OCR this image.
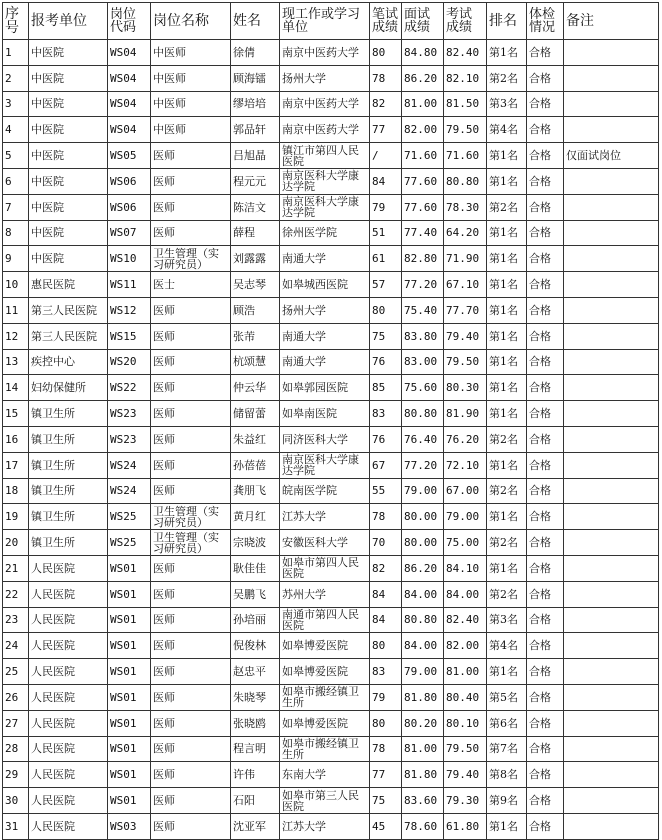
序号	报考单位	岗位代码	岗位名称	姓名	现工作或学习单位	笔试成绩	面试成绩	考试成绩	排名	体检情况	备注
1	中医院	WS04	中医师	徐倩	南京中医药大学	80	84.80	82.40	第1名	合格	
2	中医院	WS04	中医师	顾海镭	扬州大学	78	86.20	82.10	第2名	合格	
3	中医院	WS04	中医师	缪培培	南京中医药大学	82	81.00	81.50	第3名	合格	
4	中医院	WS04	中医师	郭品轩	南京中医药大学	77	82.00	79.50	第4名	合格	
5	中医院	WS05	医师	吕旭晶	镇江市第四人民医院	/	71.60	71.60	第1名	合格	仅面试岗位
6	中医院	WS06	医师	程元元	南京医科大学康达学院	84	77.60	80.80	第1名	合格	
7	中医院	WS06	医师	陈洁文	南京医科大学康达学院	79	77.60	78.30	第2名	合格	
8	中医院	WS07	医师	薛程	徐州医学院	51	77.40	64.20	第1名	合格	
9	中医院	WS10	卫生管理（实习研究员）	刘露露	南通大学	61	82.80	71.90	第1名	合格	
10	惠民医院	WS11	医士	吴志琴	如皋城西医院	57	77.20	67.10	第1名	合格	
11	第三人民医院	WS12	医师	顾浩	扬州大学	80	75.40	77.70	第1名	合格	
12	第三人民医院	WS15	医师	张芾	南通大学	75	83.80	79.40	第1名	合格	
13	疾控中心	WS20	医师	杭颂慧	南通大学	76	83.00	79.50	第1名	合格	
14	妇幼保健所	WS22	医师	仲云华	如皋郭园医院	85	75.60	80.30	第1名	合格	
15	镇卫生所	WS23	医师	储留蕾	如皋南医院	83	80.80	81.90	第1名	合格	
16	镇卫生所	WS23	医师	朱益红	同济医科大学	76	76.40	76.20	第2名	合格	
17	镇卫生所	WS24	医师	孙蓓蓓	南京医科大学康达学院	67	77.20	72.10	第1名	合格	
18	镇卫生所	WS24	医师	龚朋飞	皖南医学院	55	79.00	67.00	第2名	合格	
19	镇卫生所	WS25	卫生管理（实习研究员）	黄月红	江苏大学	78	80.00	79.00	第1名	合格	
20	镇卫生所	WS25	卫生管理（实习研究员）	宗晓波	安徽医科大学	70	80.00	75.00	第2名	合格	
21	人民医院	WS01	医师	耿佳佳	如皋市第四人民医院	82	86.20	84.10	第1名	合格	
22	人民医院	WS01	医师	吴鹏飞	苏州大学	84	84.00	84.00	第2名	合格	
23	人民医院	WS01	医师	孙培丽	南通市第四人民医院	84	80.80	82.40	第3名	合格	
24	人民医院	WS01	医师	倪俊林	如皋博爱医院	80	84.00	82.00	第4名	合格	
25	人民医院	WS01	医师	赵忠平	如皋博爱医院	83	79.00	81.00	第1名	合格	
26	人民医院	WS01	医师	朱晓琴	如皋市搬经镇卫生所	79	81.80	80.40	第5名	合格	
27	人民医院	WS01	医师	张晓鸥	如皋博爱医院	80	80.20	80.10	第6名	合格	
28	人民医院	WS01	医师	程言明	如皋市搬经镇卫生所	78	81.00	79.50	第7名	合格	
29	人民医院	WS01	医师	许伟	东南大学	77	81.80	79.40	第8名	合格	
30	人民医院	WS01	医师	石阳	如皋市第三人民医院	75	83.60	79.30	第9名	合格	
31	人民医院	WS03	医师	沈亚军	江苏大学	45	78.60	61.80	第1名	合格	
